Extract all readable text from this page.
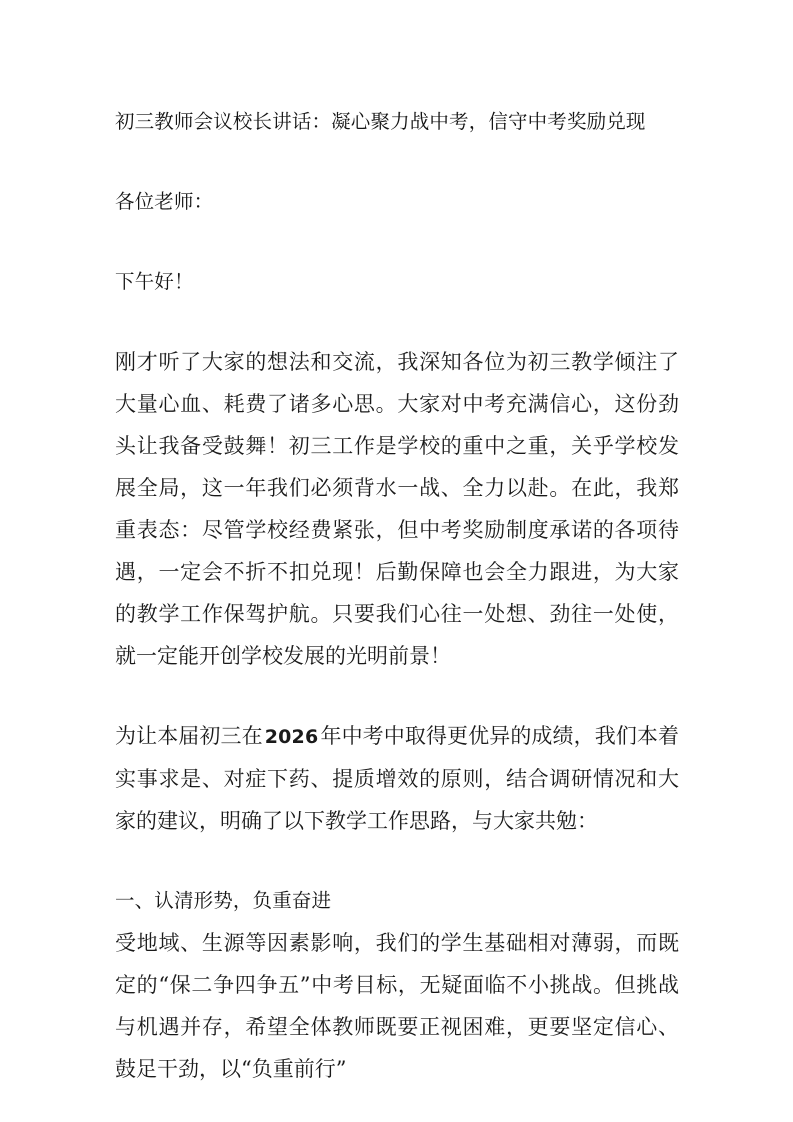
初三教师会议校长讲话：凝心聚力战中考，信守中考奖励兑现
各位老师：
下午好！
刚才听了大家的想法和交流，我深知各位为初三教学倾注了大量心血、耗费了诸多心思。大家对中考充满信心，这份劲头让我备受鼓舞！初三工作是学校的重中之重，关乎学校发展全局，这一年我们必须背水一战、全力以赴。在此，我郑重表态：尽管学校经费紧张，但中考奖励制度承诺的各项待遇，一定会不折不扣兑现！后勤保障也会全力跟进，为大家的教学工作保驾护航。只要我们心往一处想、劲往一处使，就一定能开创学校发展的光明前景！
为让本届初三在 2026年中考中取得更优异的成绩，我们本着实事求是、对症下药、提质增效的原则，结合调研情况和大家的建议，明确了以下教学工作思路，与大家共勉：
一、认清形势，负重奋进
受地域、生源等因素影响，我们的学生基础相对薄弱，而既定的“保二争四争五”中考目标，无疑面临不小挑战。但挑战与机遇并存，希望全体教师既要正视困难，更要坚定信心、鼓足干劲，以“负重前行”
